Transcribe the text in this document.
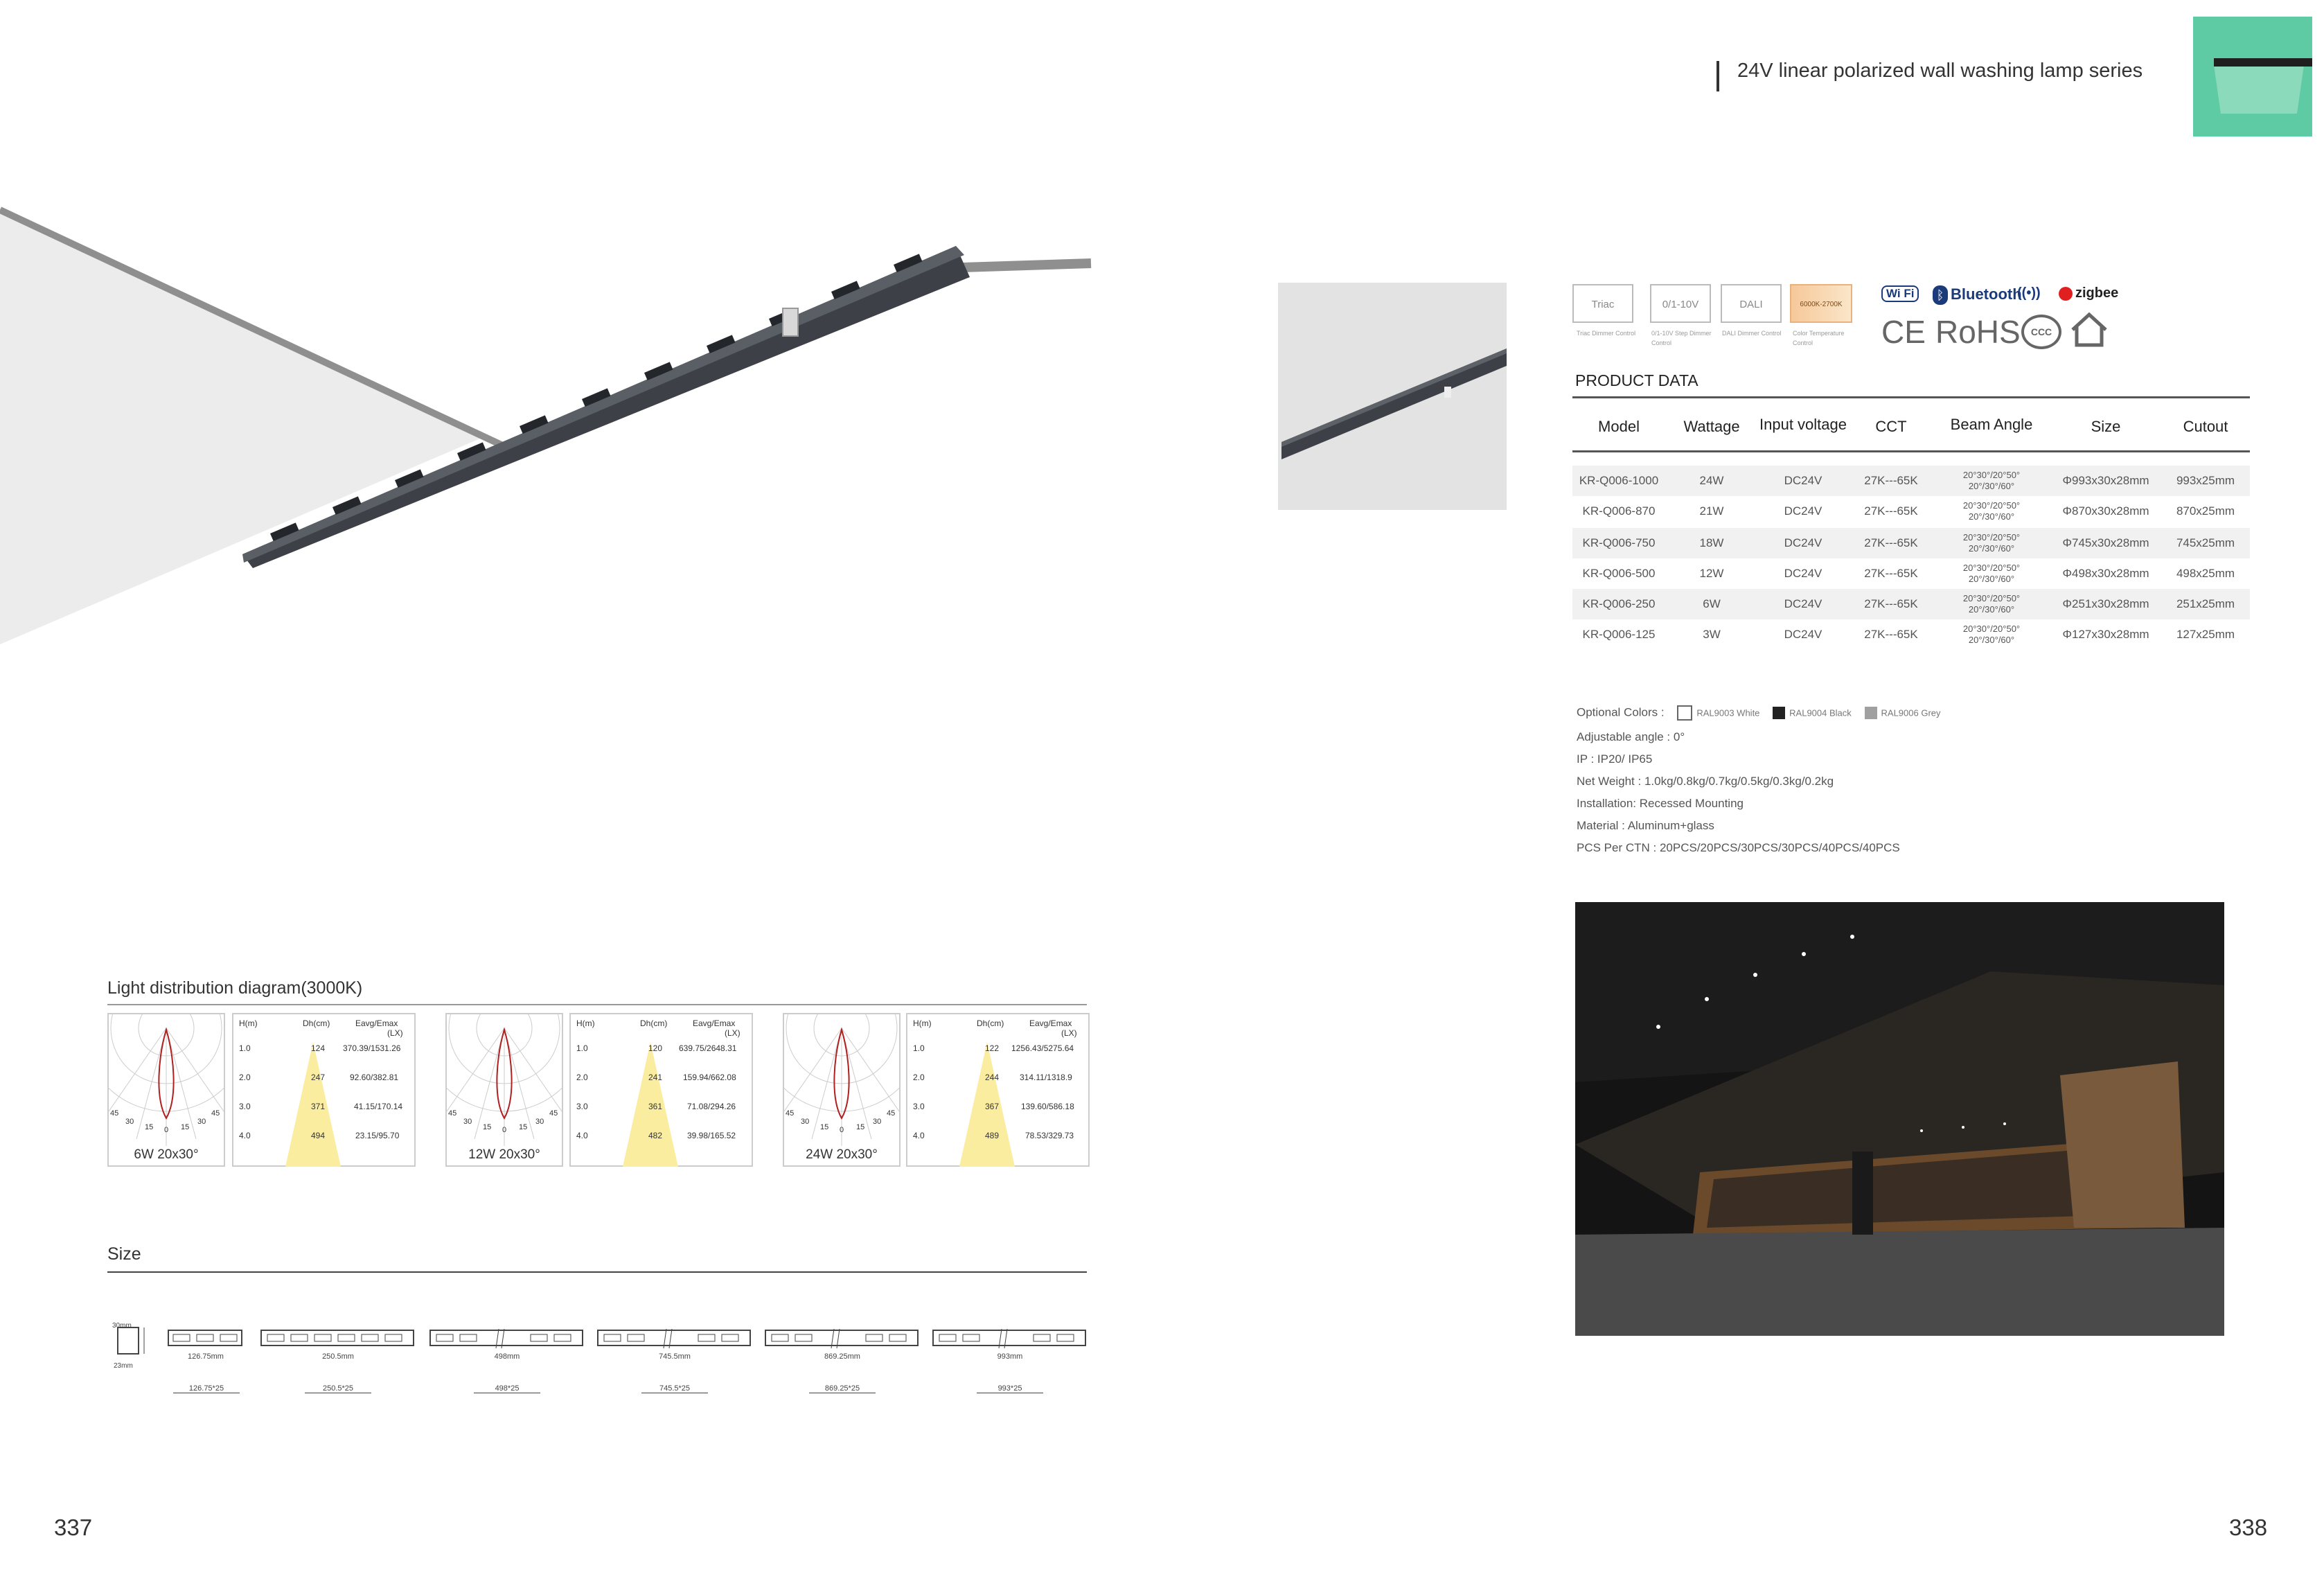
24V linear polarized wall washing lamp series
Triac	0/1-10V	DALI	6000K-2700K
Triac Dimmer Control	0/1-10V Step Dimmer Control
DALI Dimmer Control	Color Temperature Control
Wi Fi	ᛒ Bluetooth
((•))	zigbee
CE RoHS	CCC
PRODUCT DATA
Model	Wattage	Input voltage	CCT	Beam Angle	Size	Cutout
KR-Q006-1000	24W	DC24V	27K---65K	20°30°/20°50°
20°/30°/60°	Φ993x30x28mm	993x25mm
KR-Q006-870	21W	DC24V	27K---65K	20°30°/20°50°
20°/30°/60°	Φ870x30x28mm	870x25mm
KR-Q006-750	18W	DC24V	27K---65K	20°30°/20°50°
20°/30°/60°	Φ745x30x28mm	745x25mm
KR-Q006-500	12W	DC24V	27K---65K	20°30°/20°50°
20°/30°/60°	Φ498x30x28mm	498x25mm
KR-Q006-250	6W	DC24V	27K---65K	20°30°/20°50°
20°/30°/60°	Φ251x30x28mm	251x25mm
KR-Q006-125	3W	DC24V	27K---65K	20°30°/20°50°
20°/30°/60°	Φ127x30x28mm	127x25mm
Optional Colors :	RAL9003 White	RAL9004 Black	RAL9006 Grey
Adjustable angle : 0°
IP : IP20/ IP65
Net Weight : 1.0kg/0.8kg/0.7kg/0.5kg/0.3kg/0.2kg
Installation: Recessed Mounting
Material : Aluminum+glass
PCS Per CTN : 20PCS/20PCS/30PCS/30PCS/40PCS/40PCS
Light distribution diagram(3000K)
45
30
15 0 15
30
45
6W 20x30°
H(m)	Dh(cm)	Eavg/Emax
(LX)
1.0	124 370.39/1531.26
2.0	247	92.60/382.81
3.0	371	41.15/170.14
4.0	494	23.15/95.70
45
30
15 0 15
30
45
12W 20x30°
H(m)	Dh(cm)	Eavg/Emax
(LX)
1.0	120 639.75/2648.31
2.0	241 159.94/662.08
3.0	361	71.08/294.26
4.0	482	39.98/165.52
45
30
15 0 15
30
45
24W 20x30°
H(m)	Dh(cm)	Eavg/Emax
(LX)
1.0	122 1256.43/5275.64
2.0	244 314.11/1318.9
3.0	367	139.60/586.18
4.0	489	78.53/329.73
Size
30mm
23mm
126.75mm
126.75*25
250.5mm
250.5*25
498mm
498*25
745.5mm
745.5*25
869.25mm
869.25*25
993mm
993*25
337	338
